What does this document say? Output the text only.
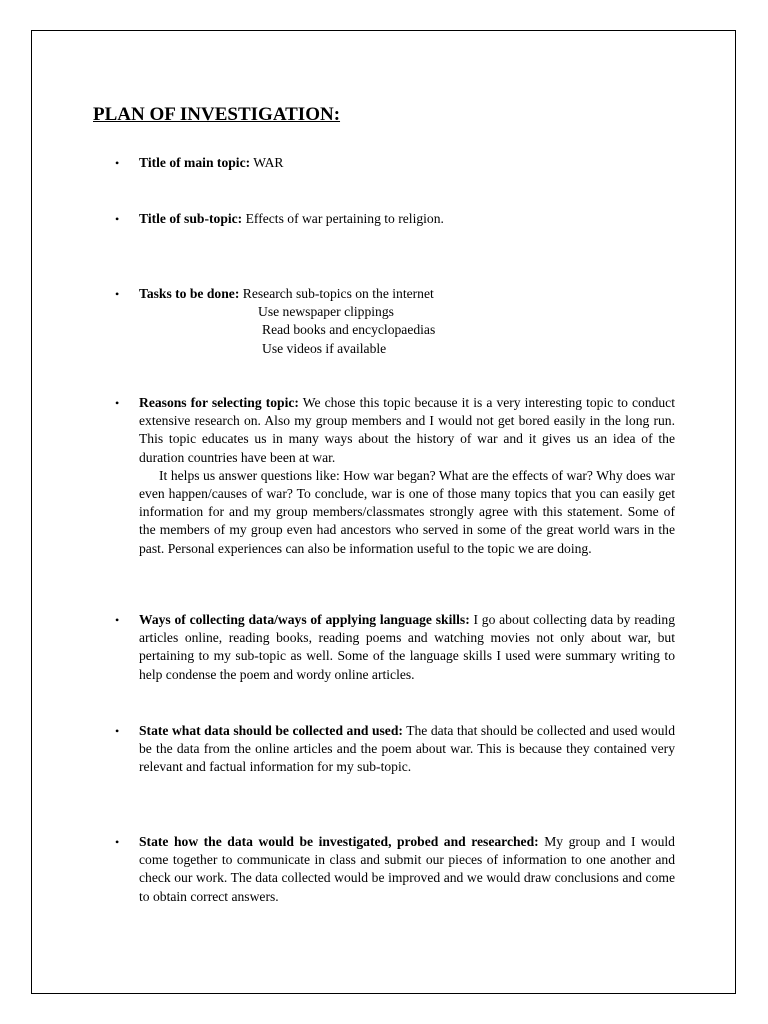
PLAN OF INVESTIGATION:
• Title of main topic: WAR
• Title of sub-topic: Effects of war pertaining to religion.
• Tasks to be done: Research sub-topics on the internet
Use newspaper clippings
Read books and encyclopaedias
Use videos if available
• Reasons for selecting topic: We chose this topic because it is a very interesting topic to conduct extensive research on. Also my group members and I would not get bored easily in the long run. This topic educates us in many ways about the history of war and it gives us an idea of the duration countries have been at war.
It helps us answer questions like: How war began? What are the effects of war? Why does war even happen/causes of war? To conclude, war is one of those many topics that you can easily get information for and my group members/classmates strongly agree with this statement. Some of the members of my group even had ancestors who served in some of the great world wars in the past. Personal experiences can also be information useful to the topic we are doing.
• Ways of collecting data/ways of applying language skills: I go about collecting data by reading articles online, reading books, reading poems and watching movies not only about war, but pertaining to my sub-topic as well. Some of the language skills I used were summary writing to help condense the poem and wordy online articles.
• State what data should be collected and used: The data that should be collected and used would be the data from the online articles and the poem about war. This is because they contained very relevant and factual information for my sub-topic.
• State how the data would be investigated, probed and researched: My group and I would come together to communicate in class and submit our pieces of information to one another and check our work. The data collected would be improved and we would draw conclusions and come to obtain correct answers.
